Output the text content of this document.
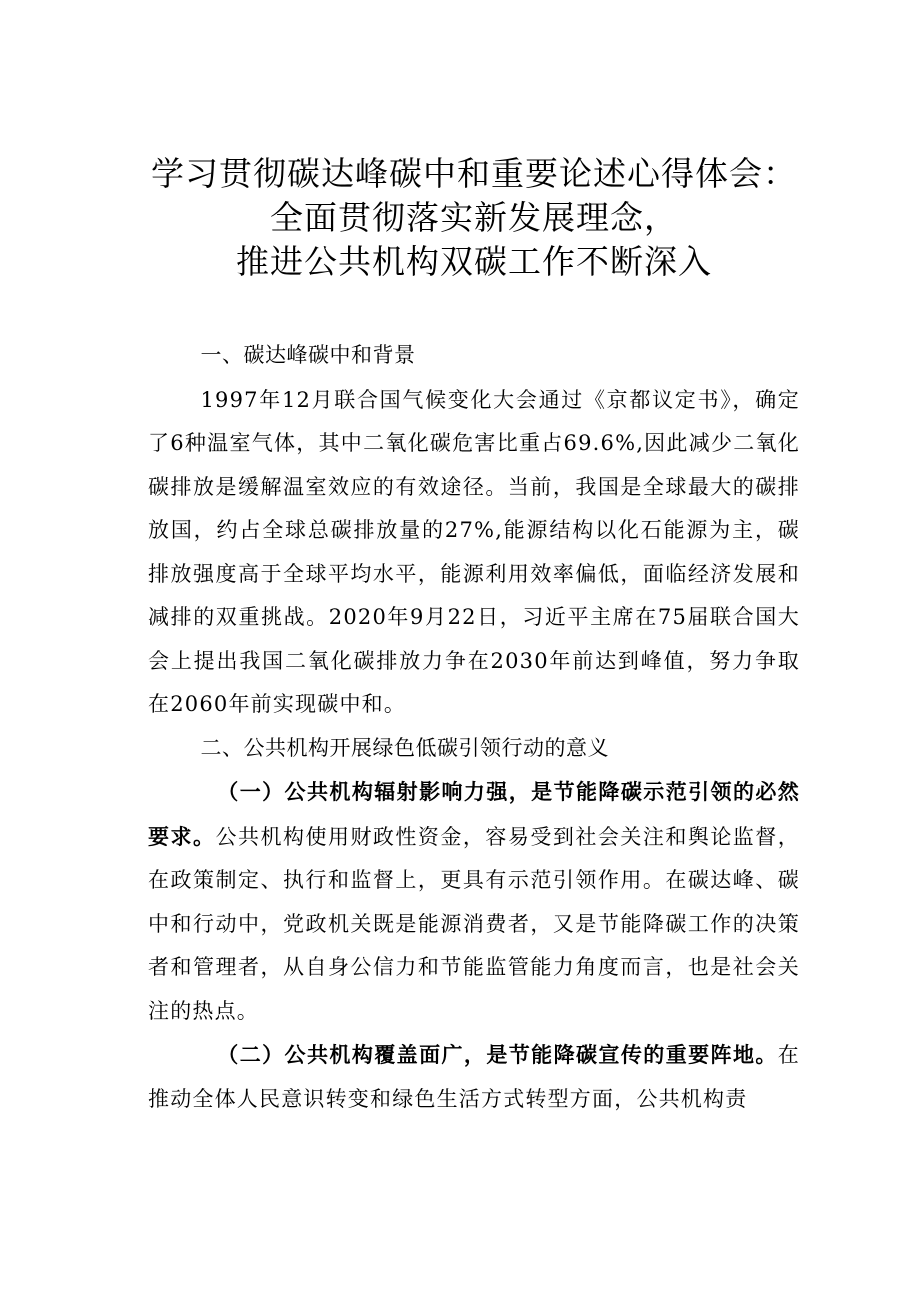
学习贯彻碳达峰碳中和重要论述心得体会：
全面贯彻落实新发展理念，
推进公共机构双碳工作不断深入
一、碳达峰碳中和背景

1997年12月联合国气候变化大会通过《京都议定书》，确定了6种温室气体，其中二氧化碳危害比重占69.6%,因此减少二氧化碳排放是缓解温室效应的有效途径。当前，我国是全球最大的碳排放国，约占全球总碳排放量的27%,能源结构以化石能源为主，碳排放强度高于全球平均水平，能源利用效率偏低，面临经济发展和减排的双重挑战。2020年9月22日，习近平主席在75届联合国大会上提出我国二氧化碳排放力争在2030年前达到峰值，努力争取在2060年前实现碳中和。

二、公共机构开展绿色低碳引领行动的意义

（一）公共机构辐射影响力强，是节能降碳示范引领的必然要求。公共机构使用财政性资金，容易受到社会关注和舆论监督，在政策制定、执行和监督上，更具有示范引领作用。在碳达峰、碳中和行动中，党政机关既是能源消费者，又是节能降碳工作的决策者和管理者，从自身公信力和节能监管能力角度而言，也是社会关注的热点。

（二）公共机构覆盖面广，是节能降碳宣传的重要阵地。在推动全体人民意识转变和绿色生活方式转型方面，公共机构责
